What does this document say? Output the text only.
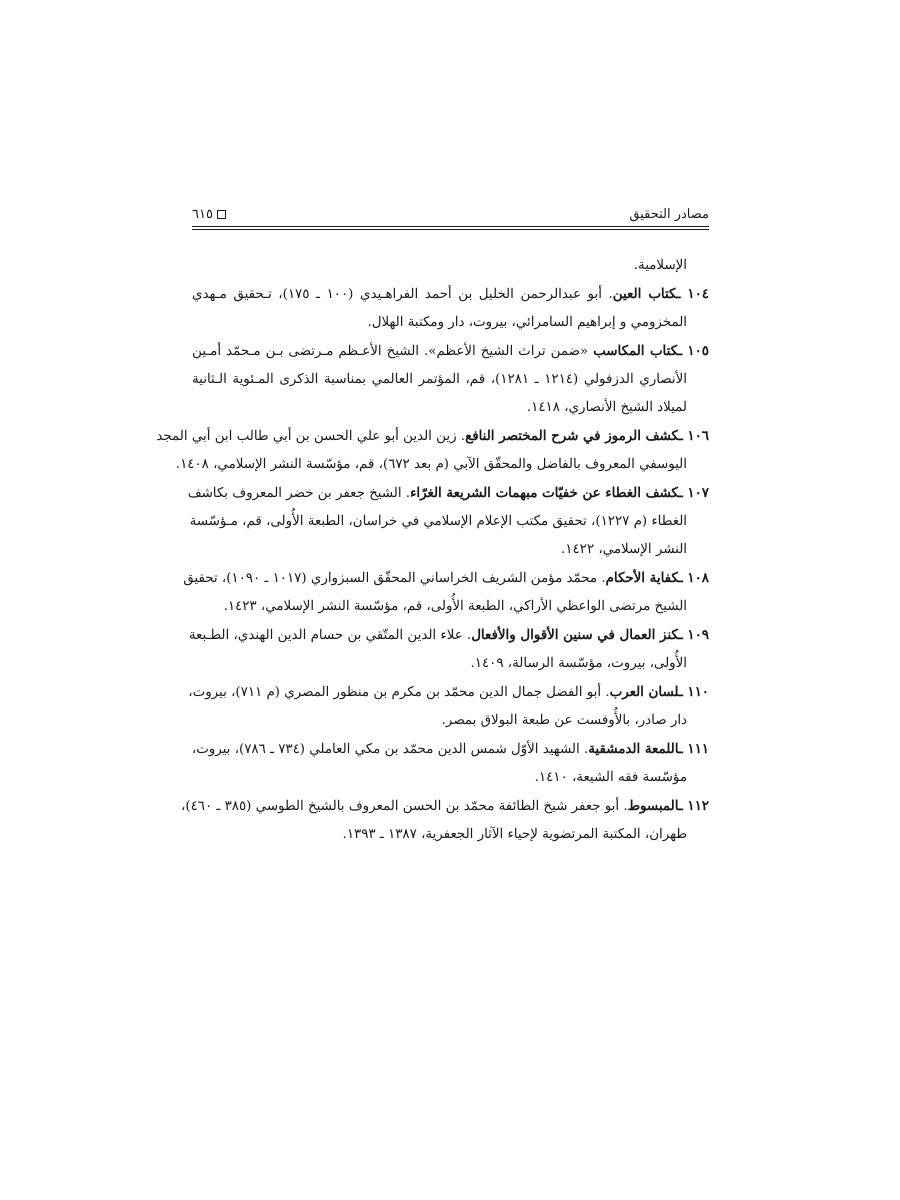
مصادر التحقيق
٦١٥
الإسلامية.
١٠٤ ـكتاب العين. أبو عبدالرحمن الخليل بن أحمد الفراهـيدي (١٠٠ ـ ١٧٥)، تـحقيق مـهدي
المخزومي و إبراهيم السامرائي، بيروت، دار ومكتبة الهلال.
١٠٥ ـكتاب المكاسب «ضمن تراث الشيخ الأعظم». الشيخ الأعـظم مـرتضى بـن مـحمّد أمـين
الأنصاري الدزفولي (١٢١٤ ـ ١٢٨١)، قم، المؤتمر العالمي بمناسبة الذكرى المـئوية الـثانية
لميلاد الشيخ الأنصاري، ١٤١٨.
١٠٦ ـكشف الرموز في شرح المختصر النافع. زين الدين أبو علي الحسن بن أبي طالب ابن أبي المجد
اليوسفي المعروف بالفاضل والمحقّق الآبي (م بعد ٦٧٢)، قم، مؤسّسة النشر الإسلامي، ١٤٠٨.
١٠٧ ـكشف الغطاء عن خفيّات مبهمات الشريعة الغرّاء. الشيخ جعفر بن خضر المعروف بكاشف
الغطاء (م ١٢٢٧)، تحقيق مكتب الإعلام الإسلامي في خراسان، الطبعة الأُولى، قم، مـؤسّسة
النشر الإسلامي، ١٤٢٢.
١٠٨ ـكفاية الأحكام. محمّد مؤمن الشريف الخراساني المحقّق السبزواري (١٠١٧ ـ ١٠٩٠)، تحقيق
الشيخ مرتضى الواعظي الأراكي، الطبعة الأُولى، قم، مؤسّسة النشر الإسلامي، ١٤٢٣.
١٠٩ ـكنز العمال في سنين الأقوال والأفعال. علاء الدين المتّقي بن حسام الدين الهندي، الطـبعة
الأُولى، بيروت، مؤسّسة الرسالة، ١٤٠٩.
١١٠ ـلسان العرب. أبو الفضل جمال الدين محمّد بن مكرم بن منظور المصري (م ٧١١)، بيروت،
دار صادر، بالأُوفست عن طبعة البولاق بمصر.
١١١ ـاللمعة الدمشقية. الشهيد الأوّل شمس الدين محمّد بن مكي العاملي (٧٣٤ ـ ٧٨٦)، بيروت،
مؤسّسة فقه الشيعة، ١٤١٠.
١١٢ ـالمبسوط. أبو جعفر شيخ الطائفة محمّد بن الحسن المعروف بالشيخ الطوسي (٣٨٥ ـ ٤٦٠)،
طهران، المكتبة المرتضوية لإحياء الآثار الجعفرية، ١٣٨٧ ـ ١٣٩٣.
